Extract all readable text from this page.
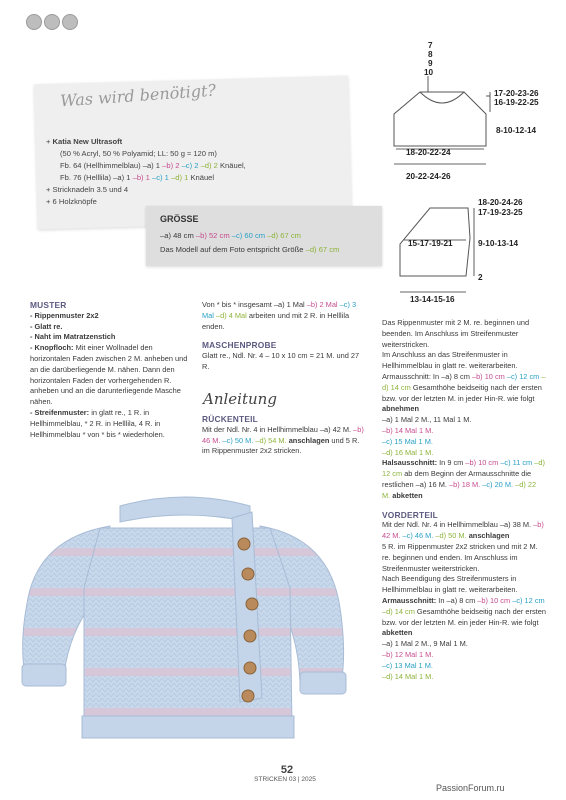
Was wird benötigt?
+ Katia New Ultrasoft
(50 % Acryl, 50 % Polyamid; LL: 50 g ≈ 120 m)
Fb. 64 (Hellhimmelblau) –a) 1 –b) 2 –c) 2 –d) 2 Knäuel,
Fb. 76 (Helllila) –a) 1 –b) 1 –c) 1 –d) 1 Knäuel
+ Stricknadeln 3.5 und 4
+ 6 Holzknöpfe
GRÖSSE
–a) 48 cm –b) 52 cm –c) 60 cm –d) 67 cm
Das Modell auf dem Foto entspricht Größe –d) 67 cm
7
8
9
10
17-20-23-26
16-19-22-25
8-10-12-14
18-20-22-24
20-22-24-26
18-20-24-26
17-19-23-25
15-17-19-21	9-10-13-14
2
13-14-15-16
MUSTER
- Rippenmuster 2x2
- Glatt re.
- Naht im Matratzenstich
- Knopfloch: Mit einer Wollnadel den horizontalen Faden zwischen 2 M. anheben und an die darüberliegende M. nähen. Dann den horizontalen Faden der vorhergehenden R. anheben und an die darunterliegende Masche nähen.
- Streifenmuster: in glatt re., 1 R. in Hellhimmelblau, * 2 R. in Helllila, 4 R. in Hellhimmelblau * von * bis * wiederholen.
Von * bis * insgesamt –a) 1 Mal –b) 2 Mal –c) 3 Mal –d) 4 Mal arbeiten und mit 2 R. in Helllila enden.
MASCHENPROBE
Glatt re., Ndl. Nr. 4 – 10 x 10 cm = 21 M. und 27 R.
Anleitung
RÜCKENTEIL
Mit der Ndl. Nr. 4 in Hellhimmelblau –a) 42 M. –b) 46 M. –c) 50 M. –d) 54 M. anschlagen und 5 R. im Rippenmuster 2x2 stricken.
Das Rippenmuster mit 2 M. re. beginnen und beenden. Im Anschluss im Streifenmuster weiterstricken.
Im Anschluss an das Streifenmuster in Hellhimmelblau in glatt re. weiterarbeiten.
Armausschnitt: In –a) 8 cm –b) 10 cm –c) 12 cm –d) 14 cm Gesamthöhe beidseitig nach der ersten bzw. vor der letzten M. in jeder Hin-R. wie folgt abnehmen
–a) 1 Mal 2 M., 11 Mal 1 M.
–b) 14 Mal 1 M.
–c) 15 Mal 1 M.
–d) 16 Mal 1 M.
Halsausschnitt: In 9 cm –b) 10 cm –c) 11 cm –d) 12 cm ab dem Beginn der Armausschnitte die restlichen –a) 16 M. –b) 18 M. –c) 20 M. –d) 22 M. abketten
VORDERTEIL
Mit der Ndl. Nr. 4 in Hellhimmelblau –a) 38 M. –b) 42 M. –c) 46 M. –d) 50 M. anschlagen
5 R. im Rippenmuster 2x2 stricken und mit 2 M. re. beginnen und enden. Im Anschluss im Streifenmuster weiterstricken.
Nach Beendigung des Streifenmusters in Hellhimmelblau in glatt re. weiterarbeiten.
Armausschnitt: In –a) 8 cm –b) 10 cm –c) 12 cm –d) 14 cm Gesamthöhe beidseitig nach der ersten bzw. vor der letzten M. ein jeder Hin-R. wie folgt abketten
–a) 1 Mal 2 M., 9 Mal 1 M.
–b) 12 Mal 1 M.
–c) 13 Mal 1 M.
–d) 14 Mal 1 M.
52
STRICKEN 03 | 2025
PassionForum.ru
